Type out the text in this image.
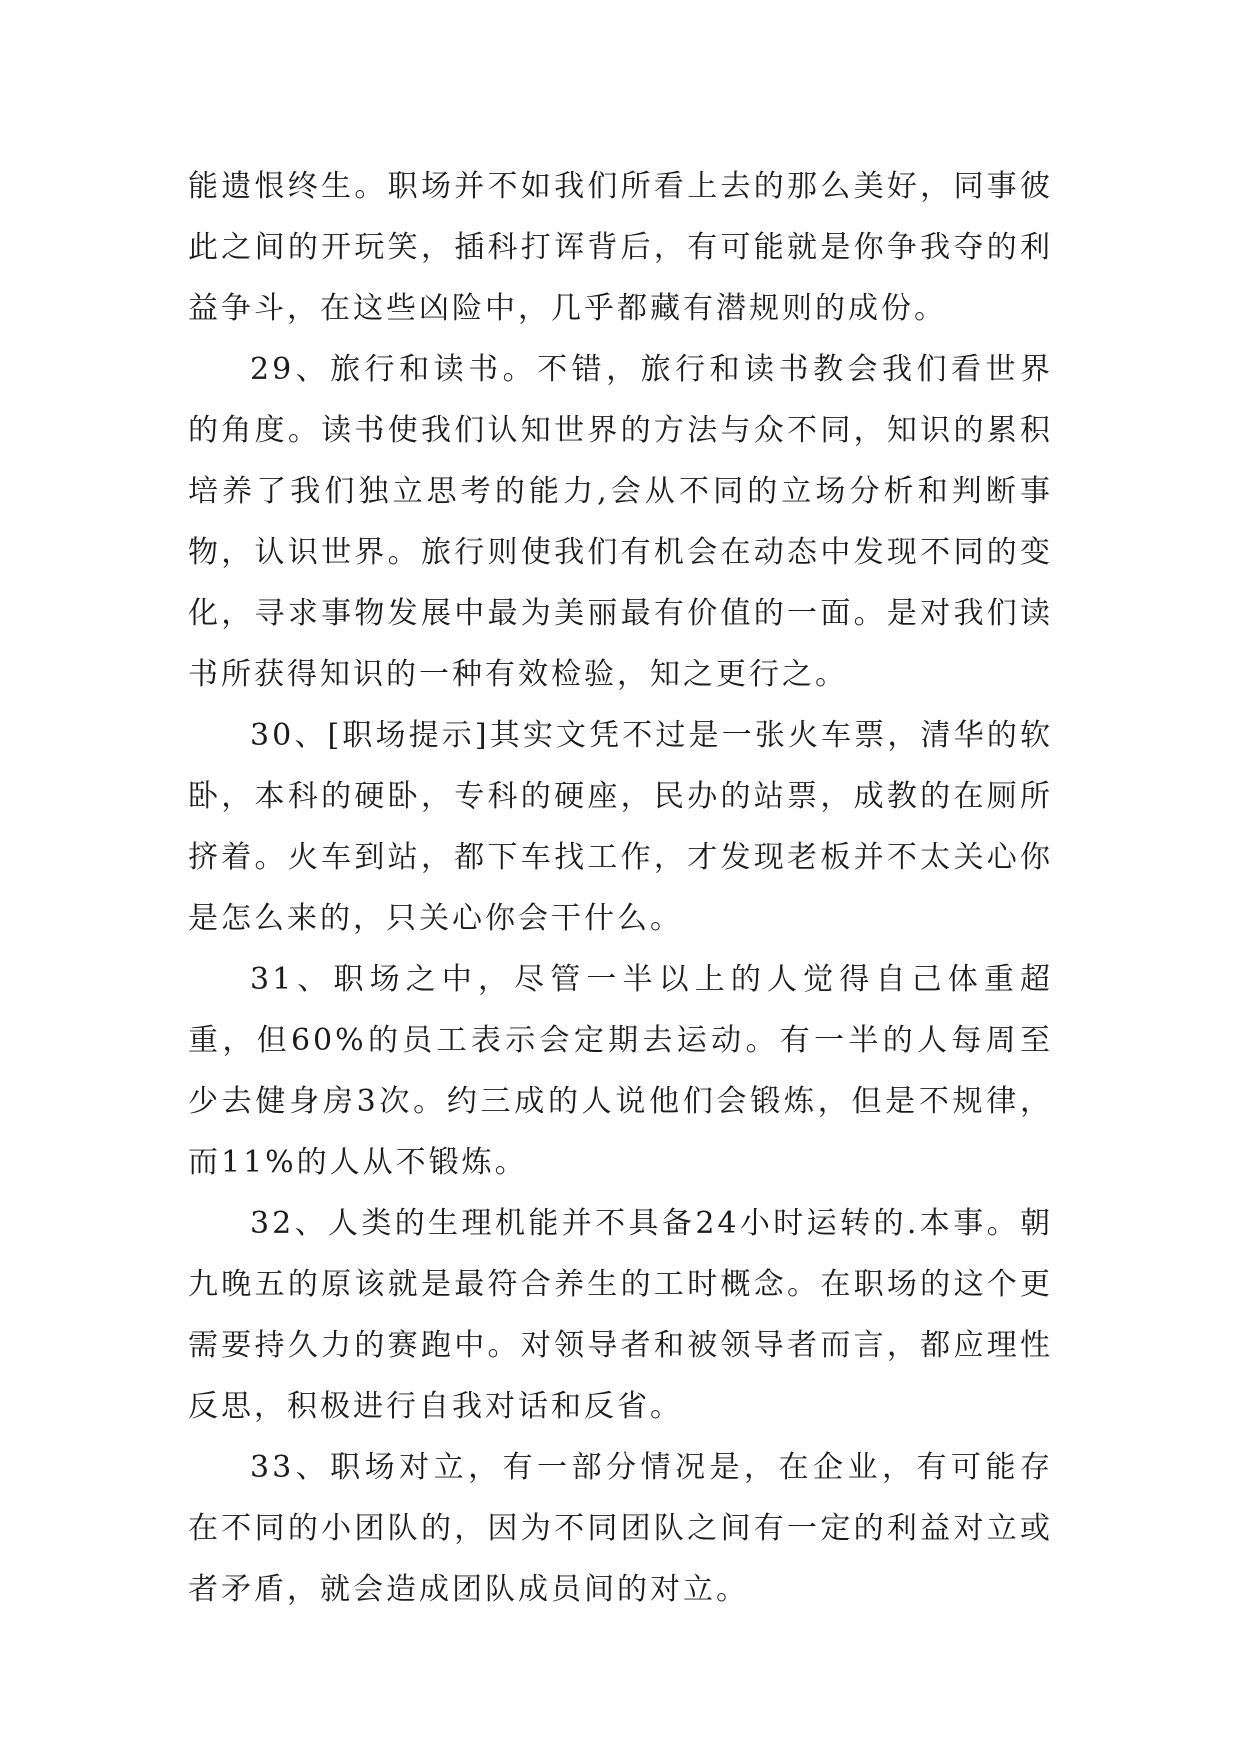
能遗恨终生。职场并不如我们所看上去的那么美好，同事彼此之间的开玩笑，插科打诨背后，有可能就是你争我夺的利益争斗，在这些凶险中，几乎都藏有潜规则的成份。

29、旅行和读书。不错，旅行和读书教会我们看世界的角度。读书使我们认知世界的方法与众不同，知识的累积培养了我们独立思考的能力,会从不同的立场分析和判断事物，认识世界。旅行则使我们有机会在动态中发现不同的变化，寻求事物发展中最为美丽最有价值的一面。是对我们读书所获得知识的一种有效检验，知之更行之。

30、[职场提示]其实文凭不过是一张火车票，清华的软卧，本科的硬卧，专科的硬座，民办的站票，成教的在厕所挤着。火车到站，都下车找工作，才发现老板并不太关心你是怎么来的，只关心你会干什么。

31、职场之中，尽管一半以上的人觉得自己体重超重，但60%的员工表示会定期去运动。有一半的人每周至少去健身房3次。约三成的人说他们会锻炼，但是不规律，而11%的人从不锻炼。

32、人类的生理机能并不具备24小时运转的.本事。朝九晚五的原该就是最符合养生的工时概念。在职场的这个更需要持久力的赛跑中。对领导者和被领导者而言，都应理性反思，积极进行自我对话和反省。

33、职场对立，有一部分情况是，在企业，有可能存在不同的小团队的，因为不同团队之间有一定的利益对立或者矛盾，就会造成团队成员间的对立。
